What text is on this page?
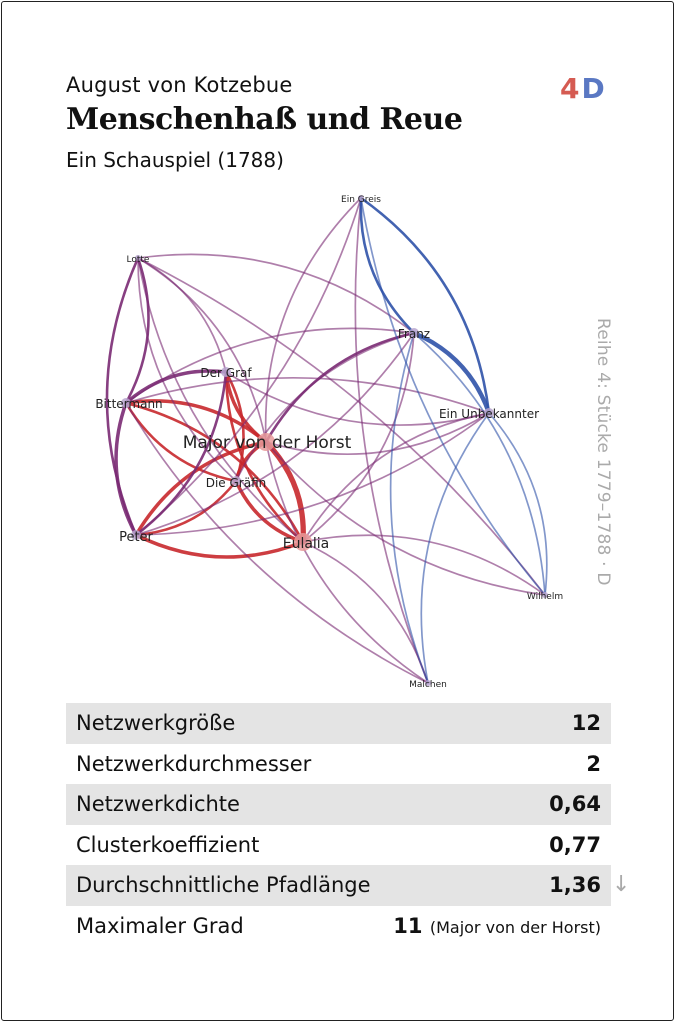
August von Kotzebue
Menschenhaß und Reue
Ein Schauspiel (1788)
4D
Reihe 4: Stücke 1779–1788 · D
Ein Greis
Lotte
Franz
Der Graf
Bittermann
Ein Unbekannter
Major von der Horst
Die Gräfin
Peter	Eulalia
Wilhelm
Malchen
Netzwerkgröße	12
Netzwerkdurchmesser	2
Netzwerkdichte	0,64
Clusterkoeffizient	0,77
Durchschnittliche Pfadlänge	1,36
Maximaler Grad	11 (Major von der Horst)
↓
